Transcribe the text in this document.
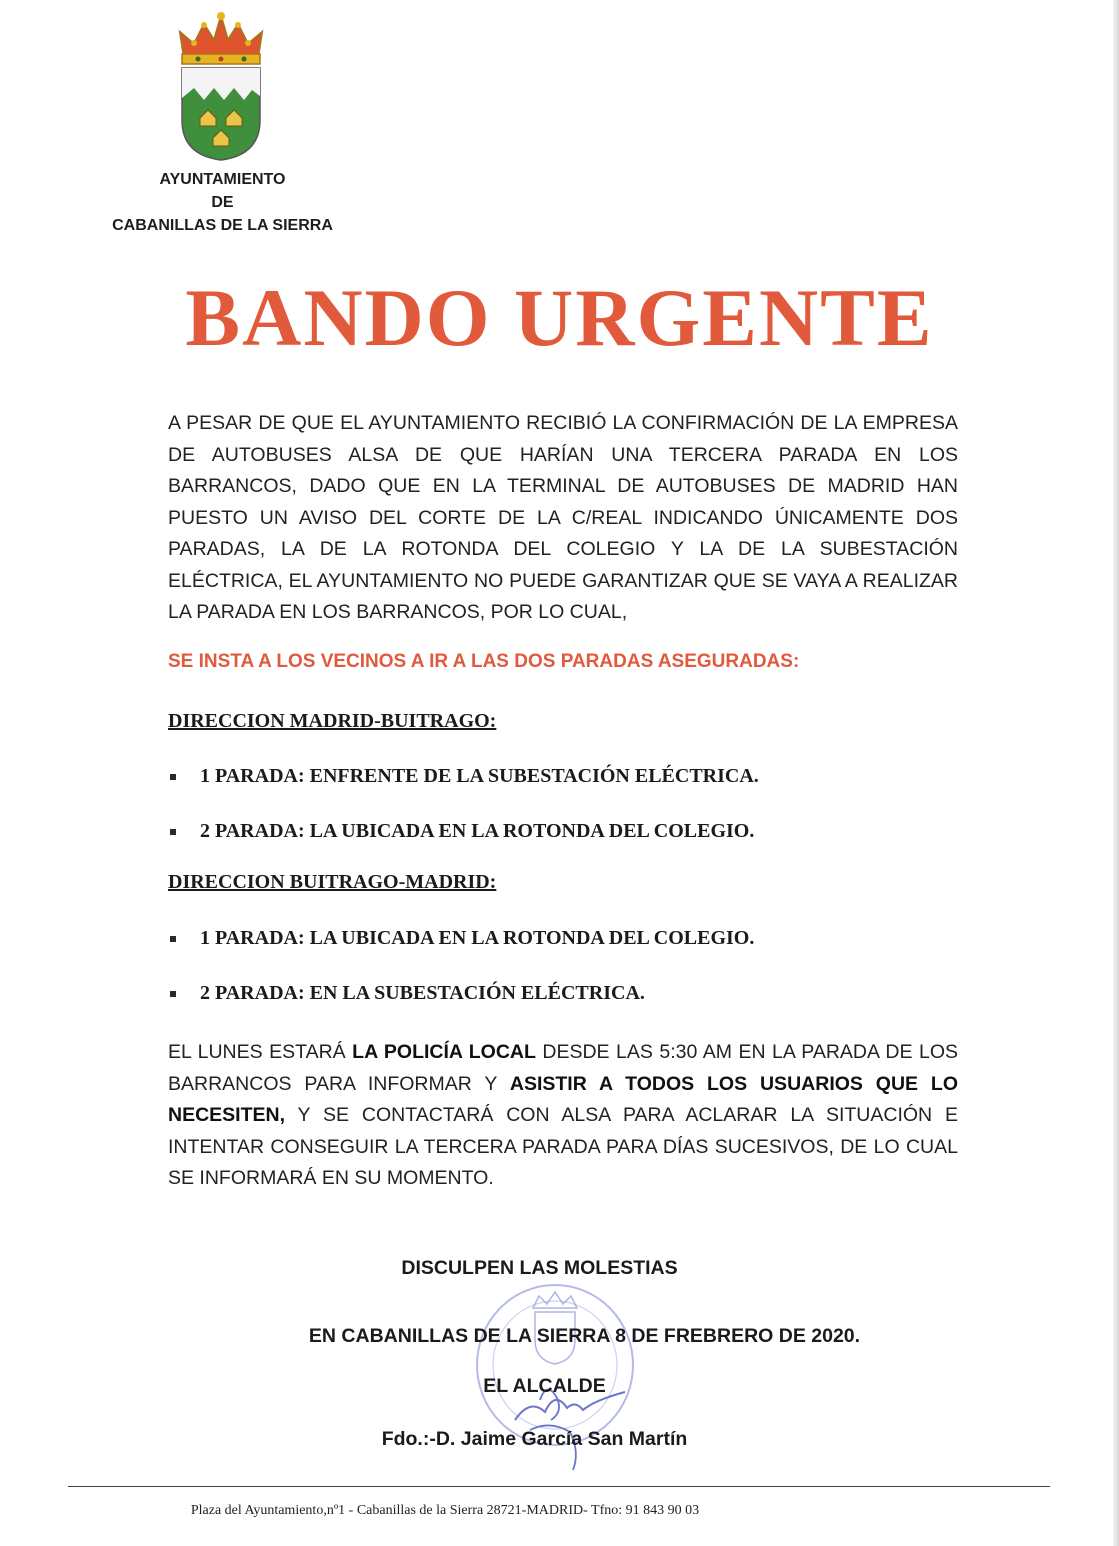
AYUNTAMIENTO
DE
CABANILLAS DE LA SIERRA
BANDO URGENTE
A PESAR DE QUE EL AYUNTAMIENTO RECIBIÓ LA CONFIRMACIÓN DE LA EMPRESA DE AUTOBUSES ALSA DE QUE HARÍAN UNA TERCERA PARADA EN LOS BARRANCOS, DADO QUE EN LA TERMINAL DE AUTOBUSES DE MADRID HAN PUESTO UN AVISO DEL CORTE DE LA C/REAL INDICANDO ÚNICAMENTE DOS PARADAS, LA DE LA ROTONDA DEL COLEGIO Y LA DE LA SUBESTACIÓN ELÉCTRICA, EL AYUNTAMIENTO NO PUEDE GARANTIZAR QUE SE VAYA A REALIZAR LA PARADA EN LOS BARRANCOS, POR LO CUAL,
SE INSTA A LOS VECINOS A IR A LAS DOS PARADAS ASEGURADAS:
DIRECCION MADRID-BUITRAGO:
1 PARADA: ENFRENTE DE LA SUBESTACIÓN ELÉCTRICA.
2 PARADA: LA UBICADA EN LA ROTONDA DEL COLEGIO.
DIRECCION BUITRAGO-MADRID:
1 PARADA: LA UBICADA EN LA ROTONDA DEL COLEGIO.
2 PARADA: EN LA SUBESTACIÓN ELÉCTRICA.
EL LUNES ESTARÁ LA POLICÍA LOCAL DESDE LAS 5:30 AM EN LA PARADA DE LOS BARRANCOS PARA INFORMAR Y ASISTIR A TODOS LOS USUARIOS QUE LO NECESITEN, Y SE CONTACTARÁ CON ALSA PARA ACLARAR LA SITUACIÓN E INTENTAR CONSEGUIR LA TERCERA PARADA PARA DÍAS SUCESIVOS, DE LO CUAL SE INFORMARÁ EN SU MOMENTO.
DISCULPEN LAS MOLESTIAS
EN CABANILLAS DE LA SIERRA 8 DE FREBRERO DE 2020.
EL ALCALDE
Fdo.:-D. Jaime García San Martín
Plaza del Ayuntamiento,nº1 - Cabanillas de la Sierra 28721-MADRID- Tfno: 91 843 90 03
